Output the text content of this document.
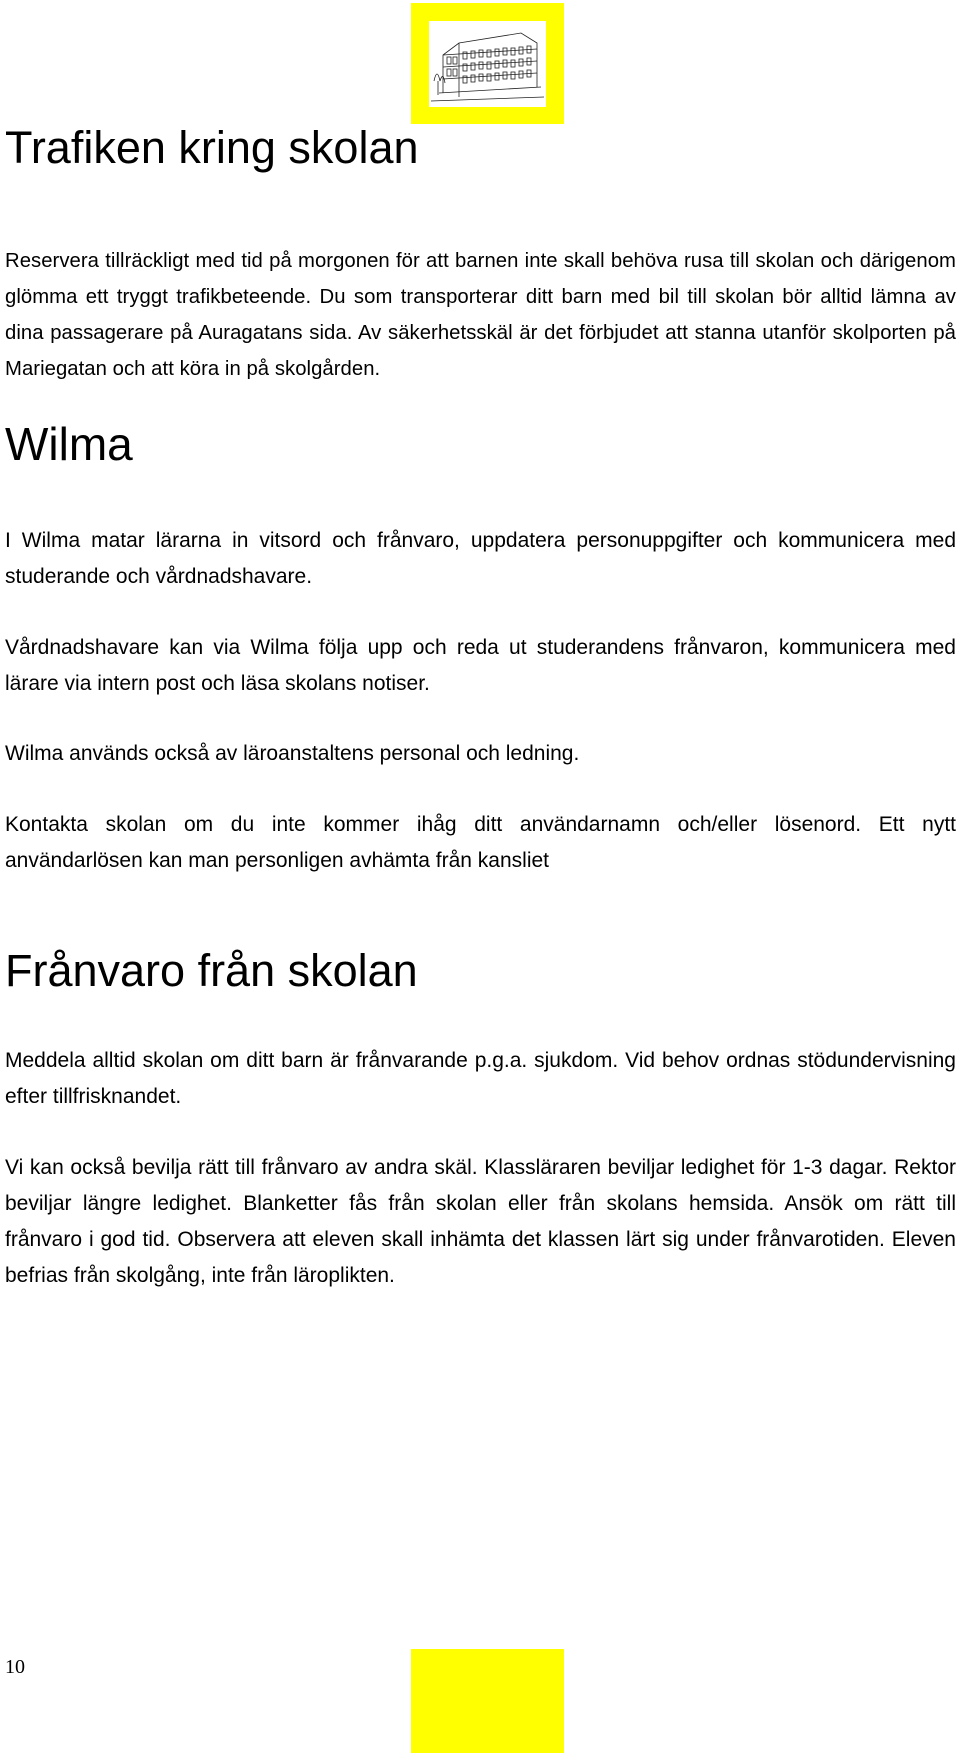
Trafiken kring skolan

Reservera tillräckligt med tid på morgonen för att barnen inte skall behöva rusa till skolan och därigenom glömma ett tryggt trafikbeteende. Du som transporterar ditt barn med bil till skolan bör alltid lämna av dina passagerare på Auragatans sida. Av säkerhetsskäl är det förbjudet att stanna utanför skolporten på Mariegatan och att köra in på skolgården.

Wilma

I Wilma matar lärarna in vitsord och frånvaro, uppdatera personuppgifter och kommunicera med studerande och vårdnadshavare.

Vårdnadshavare kan via Wilma följa upp och reda ut studerandens frånvaron, kommunicera med lärare via intern post och läsa skolans notiser.

Wilma används också av läroanstaltens personal och ledning.

Kontakta skolan om du inte kommer ihåg ditt användarnamn och/eller lösenord. Ett nytt användarlösen kan man personligen avhämta från kansliet

Frånvaro från skolan

Meddela alltid skolan om ditt barn är frånvarande p.g.a. sjukdom. Vid behov ordnas stödundervisning efter tillfrisknandet.

Vi kan också bevilja rätt till frånvaro av andra skäl. Klassläraren beviljar ledighet för 1-3 dagar. Rektor beviljar längre ledighet. Blanketter fås från skolan eller från skolans hemsida. Ansök om rätt till frånvaro i god tid. Observera att eleven skall inhämta det klassen lärt sig under frånvarotiden. Eleven befrias från skolgång, inte från läroplikten.

10
